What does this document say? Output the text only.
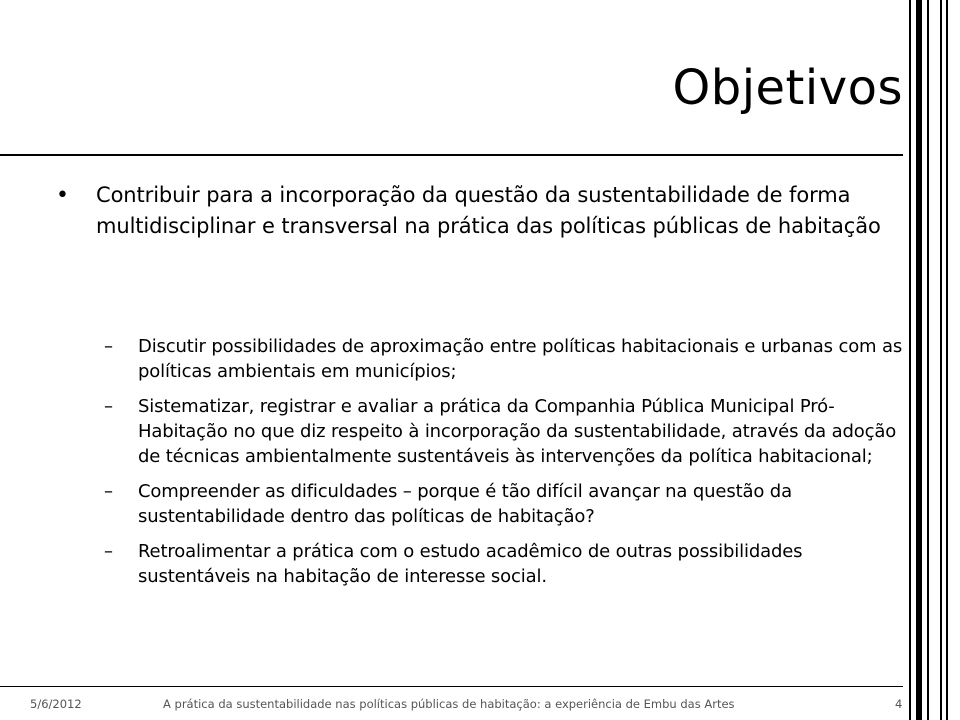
Objetivos
• Contribuir para a incorporação da questão da sustentabilidade de forma multidisciplinar e transversal na prática das políticas públicas de habitação
– Discutir possibilidades de aproximação entre políticas habitacionais e urbanas com as políticas ambientais em municípios;
– Sistematizar, registrar e avaliar a prática da Companhia Pública Municipal Pró-Habitação no que diz respeito à incorporação da sustentabilidade, através da adoção de técnicas ambientalmente sustentáveis às intervenções da política habitacional;
– Compreender as dificuldades – porque é tão difícil avançar na questão da sustentabilidade dentro das políticas de habitação?
– Retroalimentar a prática com o estudo acadêmico de outras possibilidades sustentáveis na habitação de interesse social.
5/6/2012	A prática da sustentabilidade nas políticas públicas de habitação: a experiência de Embu das Artes	4
